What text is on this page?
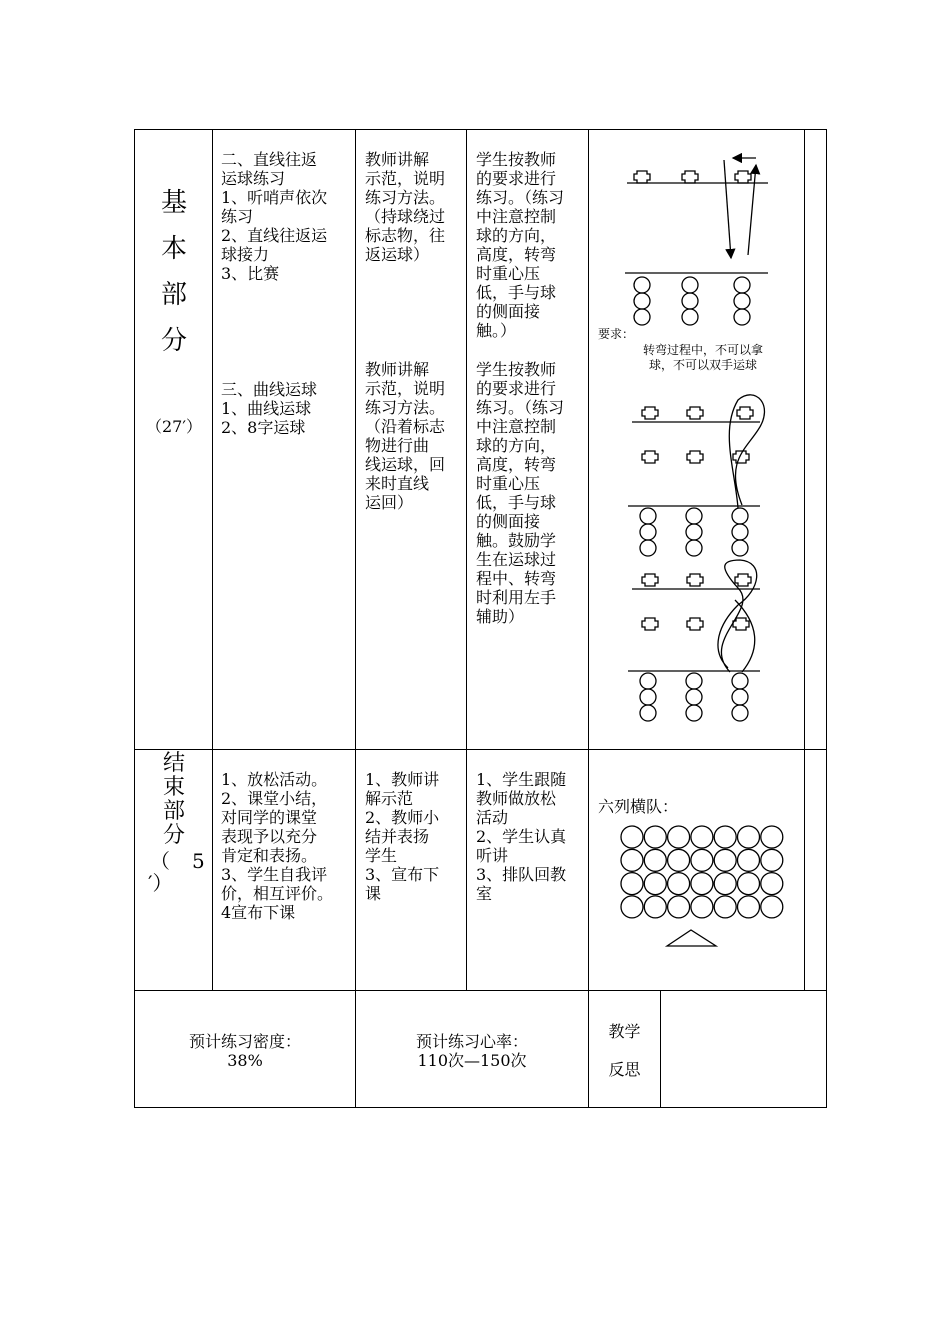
基
本
部
分
（27′）
二、直线往返
运球练习
1、听哨声依次
练习
2、直线往返运
球接力
3、比赛
三、曲线运球
1、曲线运球
2、8字运球
教师讲解
示范，说明
练习方法。
（持球绕过
标志物，往
返运球）
教师讲解
示范，说明
练习方法。
（沿着标志
物进行曲
线运球，回
来时直线
运回）
学生按教师
的要求进行
练习。（练习
中注意控制
球的方向，
高度，转弯
时重心压
低，手与球
的侧面接
触。）
学生按教师
的要求进行
练习。（练习
中注意控制
球的方向，
高度，转弯
时重心压
低，手与球
的侧面接
触。鼓励学
生在运球过
程中、转弯
时利用左手
辅助）
要求：
转弯过程中，不可以拿
球，不可以双手运球
结
束
部
分
（ 5
′）
1、放松活动。
2、课堂小结，
对同学的课堂
表现予以充分
肯定和表扬。
3、学生自我评
价，相互评价。
4宣布下课
1、教师讲
解示范
2、教师小
结并表扬
学生
3、宣布下
课
1、学生跟随
教师做放松
活动
2、学生认真
听讲
3、排队回教
室
六列横队：
预计练习密度：
38%
预计练习心率：
110次—150次
教学
反思
